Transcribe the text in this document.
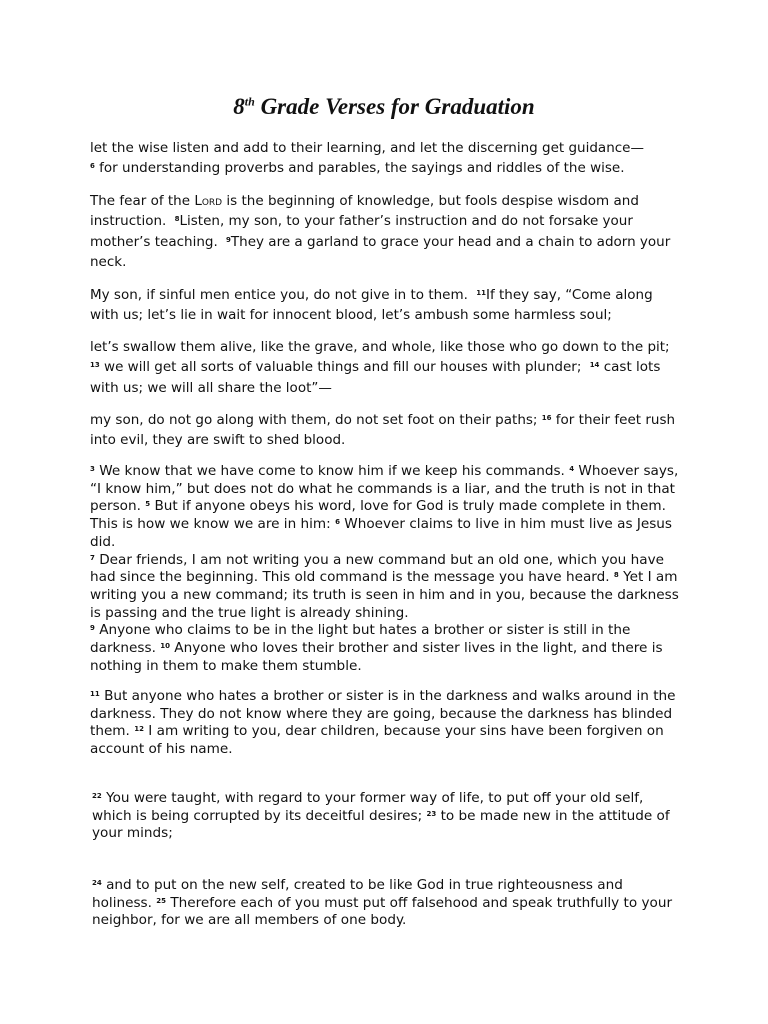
8th Grade Verses for Graduation

let the wise listen and add to their learning, and let the discerning get guidance—
$^6$ for understanding proverbs and parables, the sayings and riddles of the wise.

The fear of the Lord is the beginning of knowledge, but fools despise wisdom and instruction. $^8$Listen, my son, to your father’s instruction and do not forsake your mother’s teaching. $^9$They are a garland to grace your head and a chain to adorn your neck.

My son, if sinful men entice you, do not give in to them. $^{11}$If they say, “Come along with us; let’s lie in wait for innocent blood, let’s ambush some harmless soul;

let’s swallow them alive, like the grave, and whole, like those who go down to the pit; $^{13}$ we will get all sorts of valuable things and fill our houses with plunder; $^{14}$ cast lots with us; we will all share the loot”—

my son, do not go along with them, do not set foot on their paths; $^{16}$ for their feet rush into evil, they are swift to shed blood.

$^3$ We know that we have come to know him if we keep his commands. $^4$ Whoever says, “I know him,” but does not do what he commands is a liar, and the truth is not in that person. $^5$ But if anyone obeys his word, love for God is truly made complete in them. This is how we know we are in him: $^6$ Whoever claims to live in him must live as Jesus did.
$^7$ Dear friends, I am not writing you a new command but an old one, which you have had since the beginning. This old command is the message you have heard. $^8$ Yet I am writing you a new command; its truth is seen in him and in you, because the darkness is passing and the true light is already shining.
$^9$ Anyone who claims to be in the light but hates a brother or sister is still in the darkness. $^{10}$ Anyone who loves their brother and sister lives in the light, and there is nothing in them to make them stumble.

$^{11}$ But anyone who hates a brother or sister is in the darkness and walks around in the darkness. They do not know where they are going, because the darkness has blinded them. $^{12}$ I am writing to you, dear children, because your sins have been forgiven on account of his name.

$^{22}$ You were taught, with regard to your former way of life, to put off your old self, which is being corrupted by its deceitful desires; $^{23}$ to be made new in the attitude of your minds;

$^{24}$ and to put on the new self, created to be like God in true righteousness and holiness. $^{25}$ Therefore each of you must put off falsehood and speak truthfully to your neighbor, for we are all members of one body.
